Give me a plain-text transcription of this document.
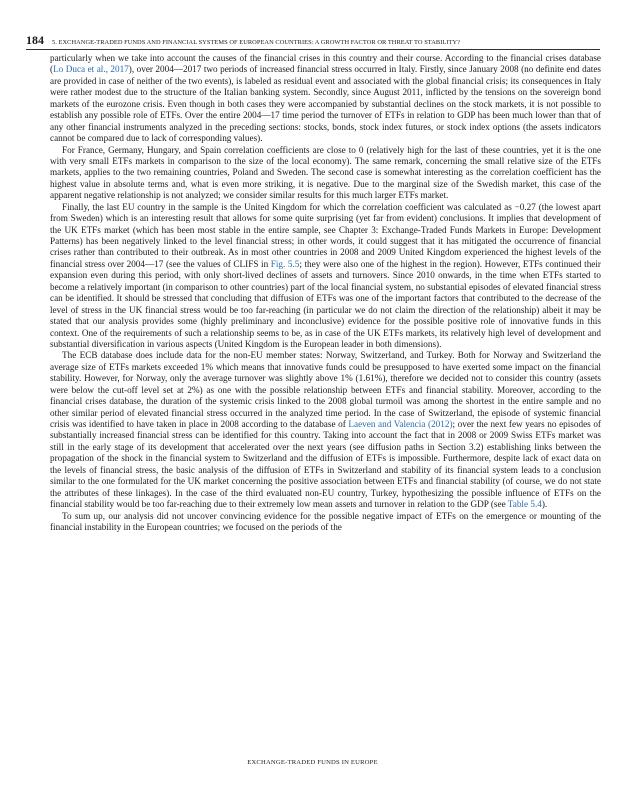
184 5. EXCHANGE-TRADED FUNDS AND FINANCIAL SYSTEMS OF EUROPEAN COUNTRIES: A GROWTH FACTOR OR THREAT TO STABILITY?

particularly when we take into account the causes of the financial crises in this country and their course. According to the financial crises database (Lo Duca et al., 2017), over 2004—2017 two periods of increased financial stress occurred in Italy. Firstly, since January 2008 (no definite end dates are provided in case of neither of the two events), is labeled as residual event and associated with the global financial crisis; its consequences in Italy were rather modest due to the structure of the Italian banking system. Secondly, since August 2011, inflicted by the tensions on the sovereign bond markets of the eurozone crisis. Even though in both cases they were accompanied by substantial declines on the stock markets, it is not possible to establish any possible role of ETFs. Over the entire 2004—17 time period the turnover of ETFs in relation to GDP has been much lower than that of any other financial instruments analyzed in the preceding sections: stocks, bonds, stock index futures, or stock index options (the assets indicators cannot be compared due to lack of corresponding values).

For France, Germany, Hungary, and Spain correlation coefficients are close to 0 (relatively high for the last of these countries, yet it is the one with very small ETFs markets in comparison to the size of the local economy). The same remark, concerning the small relative size of the ETFs markets, applies to the two remaining countries, Poland and Sweden. The second case is somewhat interesting as the correlation coefficient has the highest value in absolute terms and, what is even more striking, it is negative. Due to the marginal size of the Swedish market, this case of the apparent negative relationship is not analyzed; we consider similar results for this much larger ETFs market.

Finally, the last EU country in the sample is the United Kingdom for which the correlation coefficient was calculated as −0.27 (the lowest apart from Sweden) which is an interesting result that allows for some quite surprising (yet far from evident) conclusions. It implies that development of the UK ETFs market (which has been most stable in the entire sample, see Chapter 3: Exchange-Traded Funds Markets in Europe: Development Patterns) has been negatively linked to the level financial stress; in other words, it could suggest that it has mitigated the occurrence of financial crises rather than contributed to their outbreak. As in most other countries in 2008 and 2009 United Kingdom experienced the highest levels of the financial stress over 2004—17 (see the values of CLIFS in Fig. 5.5; they were also one of the highest in the region). However, ETFs continued their expansion even during this period, with only short-lived declines of assets and turnovers. Since 2010 onwards, in the time when ETFs started to become a relatively important (in comparison to other countries) part of the local financial system, no substantial episodes of elevated financial stress can be identified. It should be stressed that concluding that diffusion of ETFs was one of the important factors that contributed to the decrease of the level of stress in the UK financial stress would be too far-reaching (in particular we do not claim the direction of the relationship) albeit it may be stated that our analysis provides some (highly preliminary and inconclusive) evidence for the possible positive role of innovative funds in this context. One of the requirements of such a relationship seems to be, as in case of the UK ETFs markets, its relatively high level of development and substantial diversification in various aspects (United Kingdom is the European leader in both dimensions).

The ECB database does include data for the non-EU member states: Norway, Switzerland, and Turkey. Both for Norway and Switzerland the average size of ETFs markets exceeded 1% which means that innovative funds could be presupposed to have exerted some impact on the financial stability. However, for Norway, only the average turnover was slightly above 1% (1.61%), therefore we decided not to consider this country (assets were below the cut-off level set at 2%) as one with the possible relationship between ETFs and financial stability. Moreover, according to the financial crises database, the duration of the systemic crisis linked to the 2008 global turmoil was among the shortest in the entire sample and no other similar period of elevated financial stress occurred in the analyzed time period. In the case of Switzerland, the episode of systemic financial crisis was identified to have taken in place in 2008 according to the database of Laeven and Valencia (2012); over the next few years no episodes of substantially increased financial stress can be identified for this country. Taking into account the fact that in 2008 or 2009 Swiss ETFs market was still in the early stage of its development that accelerated over the next years (see diffusion paths in Section 3.2) establishing links between the propagation of the shock in the financial system to Switzerland and the diffusion of ETFs is impossible. Furthermore, despite lack of exact data on the levels of financial stress, the basic analysis of the diffusion of ETFs in Switzerland and stability of its financial system leads to a conclusion similar to the one formulated for the UK market concerning the positive association between ETFs and financial stability (of course, we do not state the attributes of these linkages). In the case of the third evaluated non-EU country, Turkey, hypothesizing the possible influence of ETFs on the financial stability would be too far-reaching due to their extremely low mean assets and turnover in relation to the GDP (see Table 5.4).

To sum up, our analysis did not uncover convincing evidence for the possible negative impact of ETFs on the emergence or mounting of the financial instability in the European countries; we focused on the periods of the

EXCHANGE-TRADED FUNDS IN EUROPE
